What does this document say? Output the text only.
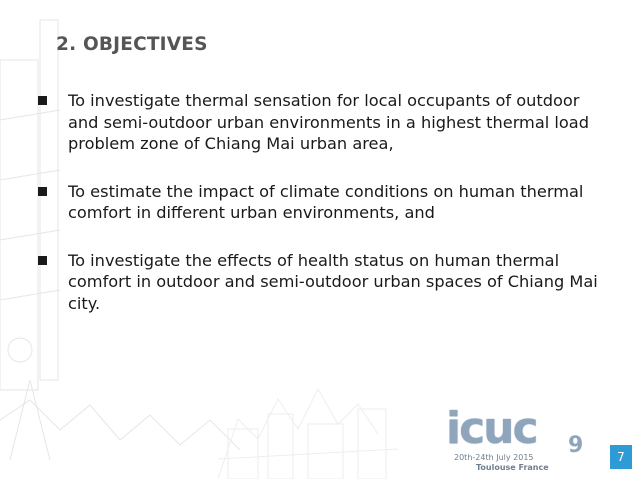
2. OBJECTIVES
To investigate thermal sensation for local occupants of outdoor and semi-outdoor urban environments in a highest thermal load problem zone of Chiang Mai urban area,
To estimate the impact of climate conditions on human thermal comfort in different urban environments, and
To investigate the effects of health status on human thermal comfort in outdoor and semi-outdoor urban spaces of Chiang Mai city.
icuc 9
20th-24th July 2015
Toulouse France
7
